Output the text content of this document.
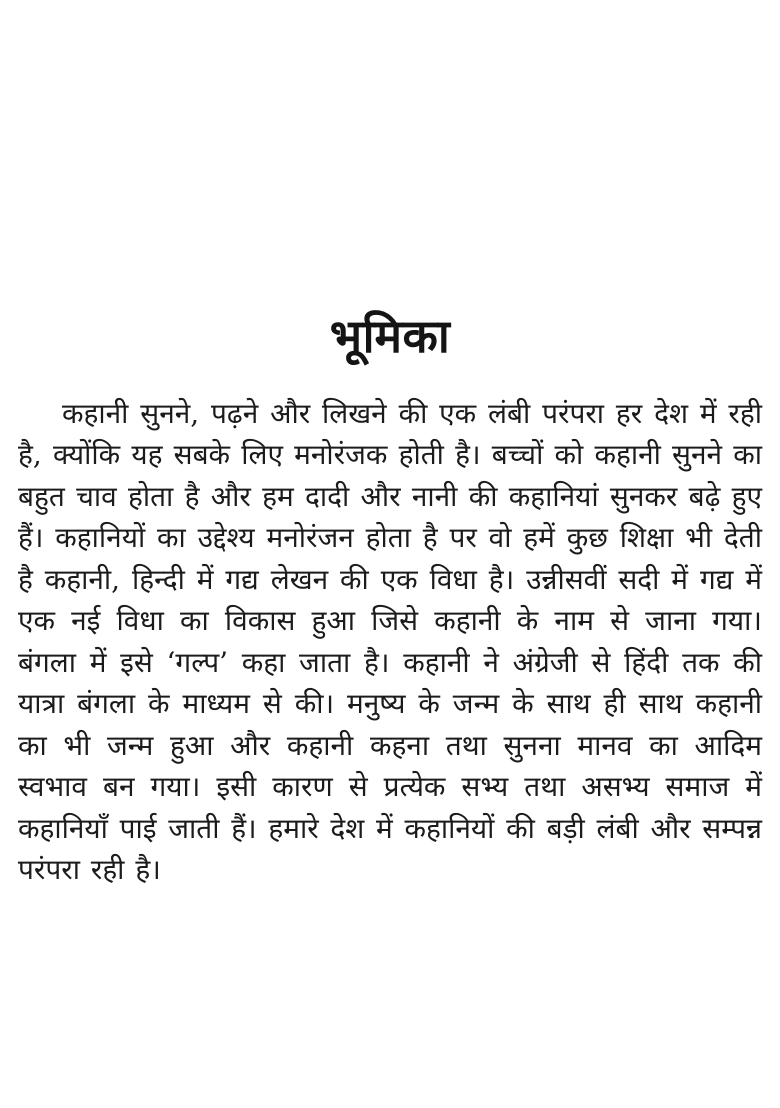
भूमिका

कहानी सुनने, पढ़ने और लिखने की एक लंबी परंपरा हर देश में रही है, क्योंकि यह सबके लिए मनोरंजक होती है। बच्चों को कहानी सुनने का बहुत चाव होता है और हम दादी और नानी की कहानियां सुनकर बढ़े हुए हैं। कहानियों का उद्देश्य मनोरंजन होता है पर वो हमें कुछ शिक्षा भी देती है कहानी, हिन्दी में गद्य लेखन की एक विधा है। उन्नीसवीं सदी में गद्य में एक नई विधा का विकास हुआ जिसे कहानी के नाम से जाना गया। बंगला में इसे ‘गल्प’ कहा जाता है। कहानी ने अंग्रेजी से हिंदी तक की यात्रा बंगला के माध्यम से की। मनुष्य के जन्म के साथ ही साथ कहानी का भी जन्म हुआ और कहानी कहना तथा सुनना मानव का आदिम स्वभाव बन गया। इसी कारण से प्रत्येक सभ्य तथा असभ्य समाज में कहानियाँ पाई जाती हैं। हमारे देश में कहानियों की बड़ी लंबी और सम्पन्न परंपरा रही है।
